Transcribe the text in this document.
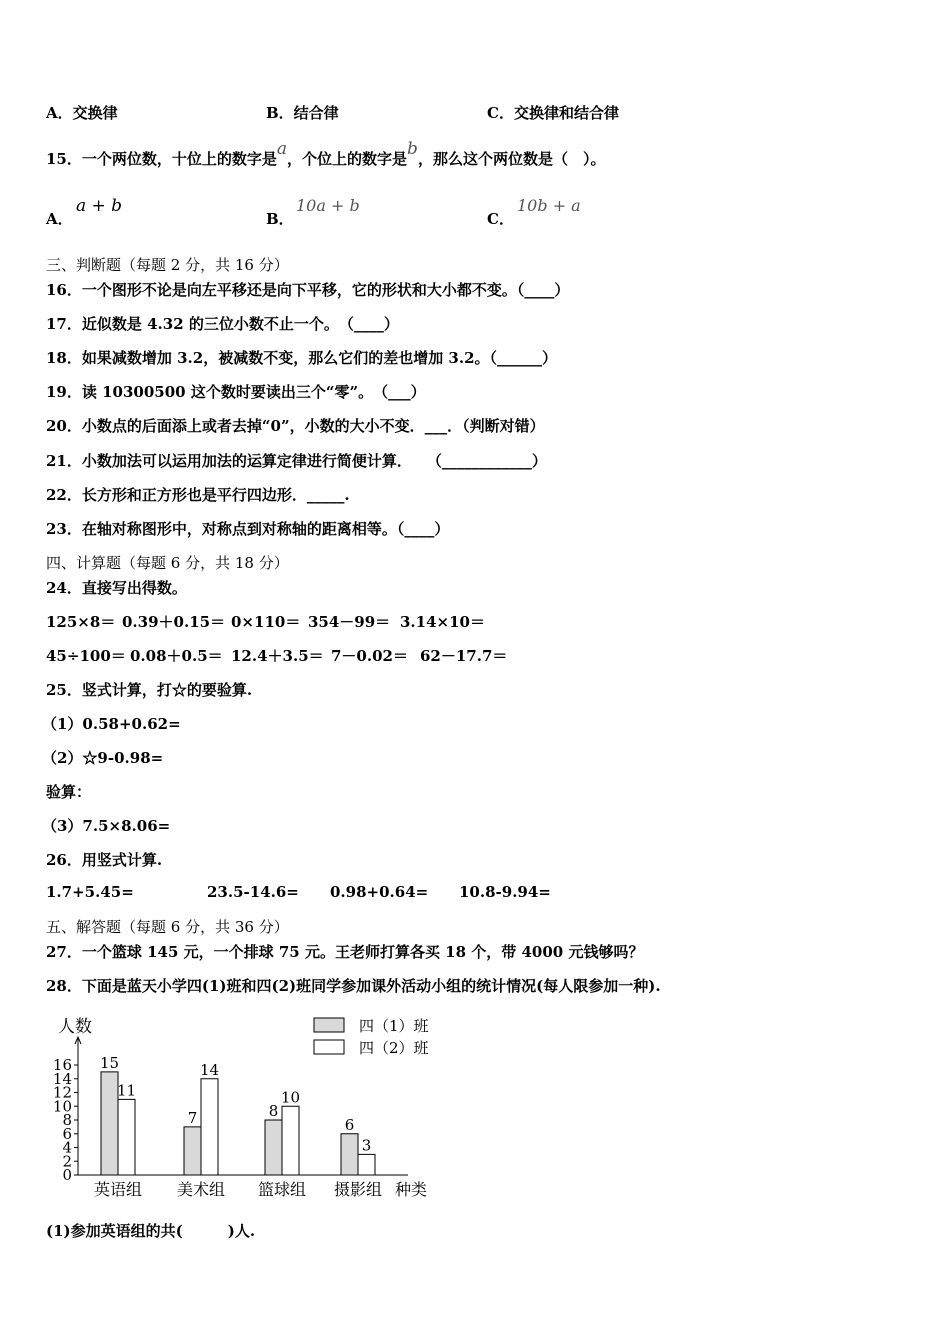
A．交换律	B．结合律	C．交换律和结合律
15．一个两位数，十位上的数字是a，个位上的数字是b，那么这个两位数是（　）。
A．
a + b
B．
10a + b
C．
10b + a
三、判断题（每题 2 分，共 16 分）
16．一个图形不论是向左平移还是向下平移，它的形状和大小都不变。（____）
17．近似数是 4.32 的三位小数不止一个。　（____）
18．如果减数增加 3.2，被减数不变，那么它们的差也增加 3.2。（______）
19．读 10300500 这个数时要读出三个“零”。　（___）
20．小数点的后面添上或者去掉“0”，小数的大小不变．___．（判断对错）
21．小数加法可以运用加法的运算定律进行简便计算．　　（____________）
22．长方形和正方形也是平行四边形．_____.
23．在轴对称图形中，对称点到对称轴的距离相等。（____）
四、计算题（每题 6 分，共 18 分）
24．直接写出得数。
125×8＝ 0.39＋0.15＝ 0×110＝ 354－99＝ 3.14×10＝
45÷100＝ 0.08＋0.5＝ 12.4＋3.5＝ 7－0.02＝ 62－17.7＝
25．竖式计算，打☆的要验算.
（1）0.58+0.62=
（2）☆9-0.98=
验算：
（3）7.5×8.06=
26．用竖式计算.
1.7+5.45=	23.5-14.6= 0.98+0.64= 10.8-9.94=
五、解答题（每题 6 分，共 36 分）
27．一个篮球 145 元，一个排球 75 元。王老师打算各买 18 个，带 4000 元钱够吗？
28．下面是蓝天小学四(1)班和四(2)班同学参加课外活动小组的统计情况(每人限参加一种).
人数
种类
0
2
4
6
8
10
12
14
16 15
11
7
14
8
10
6
3
四（1）班
四（2）班
英语组 美术组 篮球组 摄影组
(1)参加英语组的共(　　　)人.
